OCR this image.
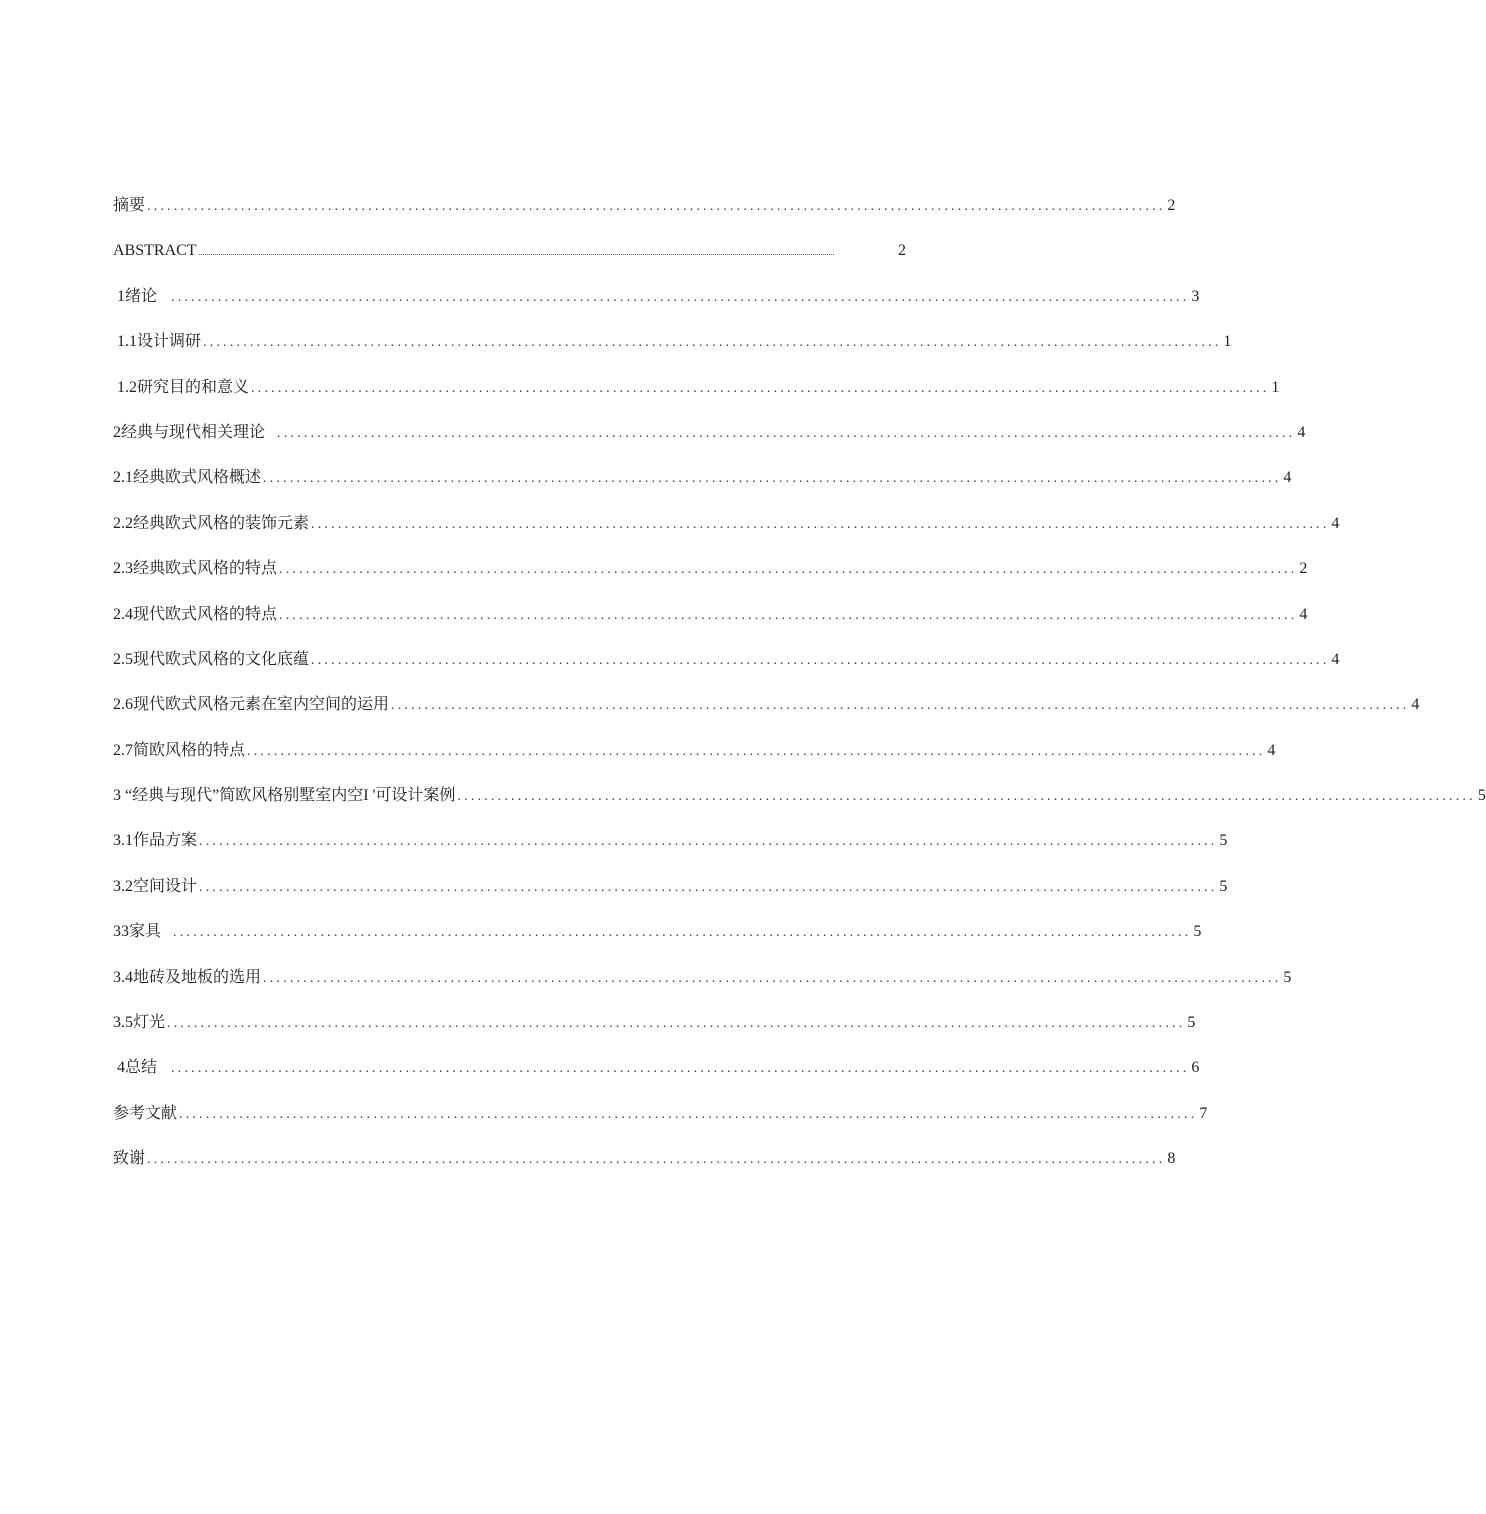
摘要 ........................................................................................................................................................ 2
ABSTRACT ..............................................................................................................................................................................................................................................................................................................................	2
1绪论 ........................................................................................................................................................ 3
1.1设计调研 ........................................................................................................................................................ 1
1.2研究目的和意义 ........................................................................................................................................................ 1
2经典与现代相关理论 ........................................................................................................................................................ 4
2.1经典欧式风格概述 ........................................................................................................................................................ 4
2.2经典欧式风格的装饰元素 ........................................................................................................................................................ 4
2.3经典欧式风格的特点 ........................................................................................................................................................ 2
2.4现代欧式风格的特点 ........................................................................................................................................................ 4
2.5现代欧式风格的文化底蕴 ........................................................................................................................................................ 4
2.6现代欧式风格元素在室内空间的运用 ........................................................................................................................................................ 4
2.7简欧风格的特点 ........................................................................................................................................................ 4
3 “经典与现代”简欧风格别墅室内空I '可设计案例 ........................................................................................................................................................ 5
3.1作品方案 ........................................................................................................................................................ 5
3.2空间设计 ........................................................................................................................................................ 5
33家具 ........................................................................................................................................................ 5
3.4地砖及地板的选用 ........................................................................................................................................................ 5
3.5灯光 ........................................................................................................................................................ 5
4总结 ........................................................................................................................................................ 6
参考文献 ........................................................................................................................................................ 7
致谢 ........................................................................................................................................................ 8
